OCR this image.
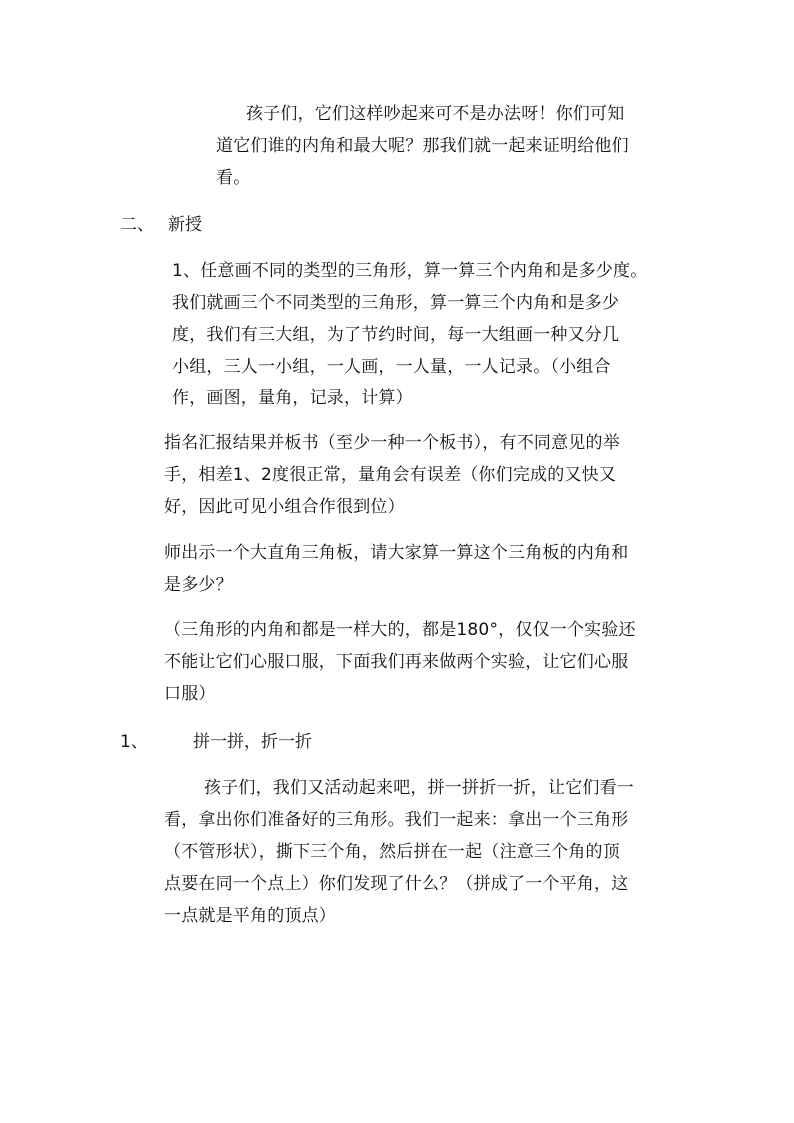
孩子们，它们这样吵起来可不是办法呀！你们可知
道它们谁的内角和最大呢？那我们就一起来证明给他们
看。
二、 新授
1、任意画不同的类型的三角形，算一算三个内角和是多少度。
我们就画三个不同类型的三角形，算一算三个内角和是多少
度，我们有三大组，为了节约时间，每一大组画一种又分几
小组，三人一小组，一人画，一人量，一人记录。（小组合
作，画图，量角，记录，计算）
指名汇报结果并板书（至少一种一个板书），有不同意见的举
手，相差1、2度很正常，量角会有误差（你们完成的又快又
好，因此可见小组合作很到位）
师出示一个大直角三角板，请大家算一算这个三角板的内角和
是多少？
（三角形的内角和都是一样大的，都是180°，仅仅一个实验还
不能让它们心服口服，下面我们再来做两个实验，让它们心服
口服）
1、	拼一拼，折一折
孩子们，我们又活动起来吧，拼一拼折一折，让它们看一
看，拿出你们准备好的三角形。我们一起来：拿出一个三角形
（不管形状），撕下三个角，然后拼在一起（注意三个角的顶
点要在同一个点上）你们发现了什么？（拼成了一个平角，这
一点就是平角的顶点）
